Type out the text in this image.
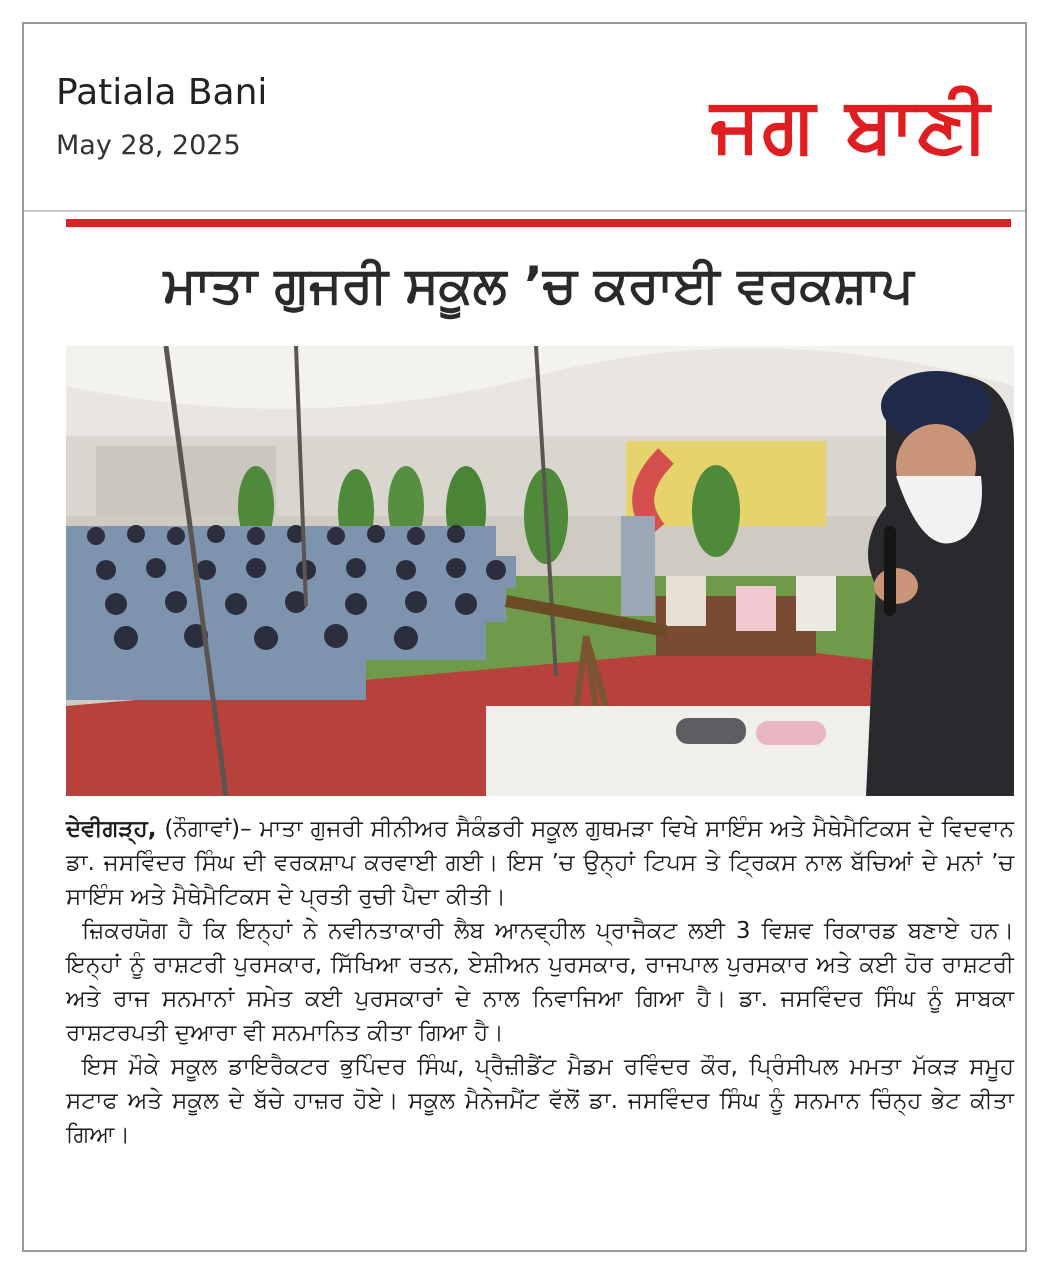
Patiala Bani
May 28, 2025	ਜਗ ਬਾਣੀ
ਮਾਤਾ ਗੁਜਰੀ ਸਕੂਲ ’ਚ ਕਰਾਈ ਵਰਕਸ਼ਾਪ

ਦੇਵੀਗੜ੍ਹ, (ਨੌਗਾਵਾਂ)– ਮਾਤਾ ਗੁਜਰੀ ਸੀਨੀਅਰ ਸੈਕੰਡਰੀ ਸਕੂਲ ਗੁਥਮੜਾ ਵਿਖੇ ਸਾਇੰਸ ਅਤੇ ਮੈਥੇਮੈਟਿਕਸ ਦੇ ਵਿਦਵਾਨ ਡਾ. ਜਸਵਿੰਦਰ ਸਿੰਘ ਦੀ ਵਰਕਸ਼ਾਪ ਕਰਵਾਈ ਗਈ। ਇਸ ’ਚ ਉਨ੍ਹਾਂ ਟਿਪਸ ਤੇ ਟ੍ਰਿਕਸ ਨਾਲ ਬੱਚਿਆਂ ਦੇ ਮਨਾਂ ’ਚ ਸਾਇੰਸ ਅਤੇ ਮੈਥੇਮੈਟਿਕਸ ਦੇ ਪ੍ਰਤੀ ਰੁਚੀ ਪੈਦਾ ਕੀਤੀ।

ਜ਼ਿਕਰਯੋਗ ਹੈ ਕਿ ਇਨ੍ਹਾਂ ਨੇ ਨਵੀਨਤਾਕਾਰੀ ਲੈਬ ਆਨਵ੍ਹੀਲ ਪ੍ਰਾਜੈਕਟ ਲਈ 3 ਵਿਸ਼ਵ ਰਿਕਾਰਡ ਬਣਾਏ ਹਨ। ਇਨ੍ਹਾਂ ਨੂੰ ਰਾਸ਼ਟਰੀ ਪੁਰਸਕਾਰ, ਸਿੱਖਿਆ ਰਤਨ, ਏਸ਼ੀਅਨ ਪੁਰਸਕਾਰ, ਰਾਜਪਾਲ ਪੁਰਸਕਾਰ ਅਤੇ ਕਈ ਹੋਰ ਰਾਸ਼ਟਰੀ ਅਤੇ ਰਾਜ ਸਨਮਾਨਾਂ ਸਮੇਤ ਕਈ ਪੁਰਸਕਾਰਾਂ ਦੇ ਨਾਲ ਨਿਵਾਜਿਆ ਗਿਆ ਹੈ। ਡਾ. ਜਸਵਿੰਦਰ ਸਿੰਘ ਨੂੰ ਸਾਬਕਾ ਰਾਸ਼ਟਰਪਤੀ ਦੁਆਰਾ ਵੀ ਸਨਮਾਨਿਤ ਕੀਤਾ ਗਿਆ ਹੈ।

ਇਸ ਮੌਕੇ ਸਕੂਲ ਡਾਇਰੈਕਟਰ ਭੁਪਿੰਦਰ ਸਿੰਘ, ਪ੍ਰੈਜ਼ੀਡੈਂਟ ਮੈਡਮ ਰਵਿੰਦਰ ਕੌਰ, ਪ੍ਰਿੰਸੀਪਲ ਮਮਤਾ ਮੱਕੜ ਸਮੂਹ ਸਟਾਫ ਅਤੇ ਸਕੂਲ ਦੇ ਬੱਚੇ ਹਾਜ਼ਰ ਹੋਏ। ਸਕੂਲ ਮੈਨੇਜਮੈਂਟ ਵੱਲੋਂ ਡਾ. ਜਸਵਿੰਦਰ ਸਿੰਘ ਨੂੰ ਸਨਮਾਨ ਚਿੰਨ੍ਹ ਭੇਟ ਕੀਤਾ ਗਿਆ।
